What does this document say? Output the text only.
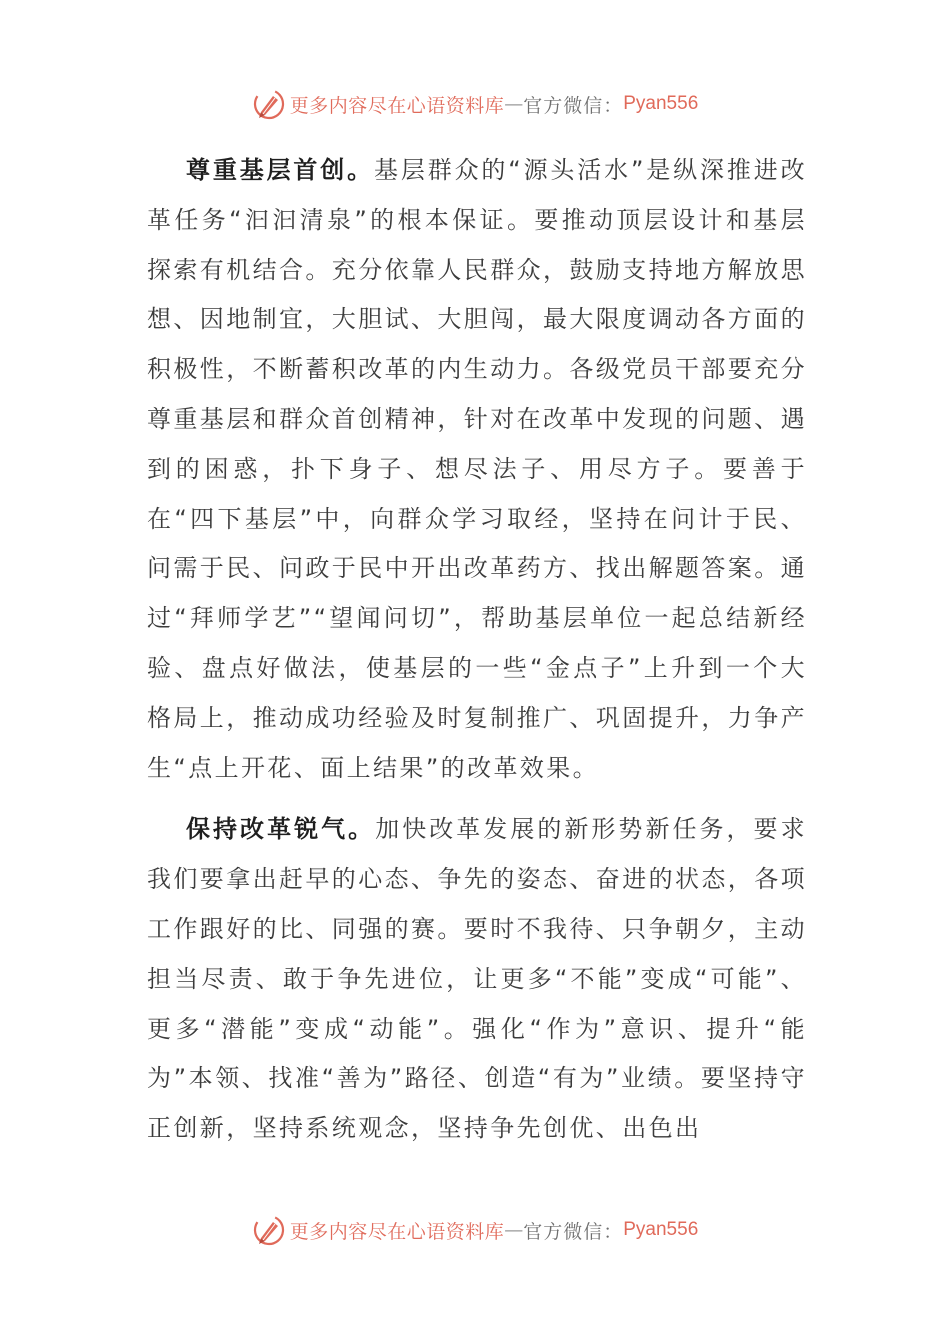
更多内容尽在心语资料库 — 官方微信： Pyan556

尊重基层首创。基层群众的“源头活水”是纵深推进改革任务“汩汩清泉”的根本保证。要推动顶层设计和基层探索有机结合。充分依靠人民群众，鼓励支持地方解放思想、因地制宜，大胆试、大胆闯，最大限度调动各方面的积极性，不断蓄积改革的内生动力。各级党员干部要充分尊重基层和群众首创精神，针对在改革中发现的问题、遇到的困惑，扑下身子、想尽法子、用尽方子。要善于在“四下基层”中，向群众学习取经，坚持在问计于民、问需于民、问政于民中开出改革药方、找出解题答案。通过“拜师学艺”“望闻问切”，帮助基层单位一起总结新经验、盘点好做法，使基层的一些“金点子”上升到一个大格局上，推动成功经验及时复制推广、巩固提升，力争产生“点上开花、面上结果”的改革效果。

保持改革锐气。加快改革发展的新形势新任务，要求我们要拿出赶早的心态、争先的姿态、奋进的状态，各项工作跟好的比、同强的赛。要时不我待、只争朝夕，主动担当尽责、敢于争先进位，让更多“不能”变成“可能”、更多“潜能”变成“动能”。强化“作为”意识、提升“能为”本领、找准“善为”路径、创造“有为”业绩。要坚持守正创新，坚持系统观念，坚持争先创优、出色出

更多内容尽在心语资料库 — 官方微信： Pyan556
